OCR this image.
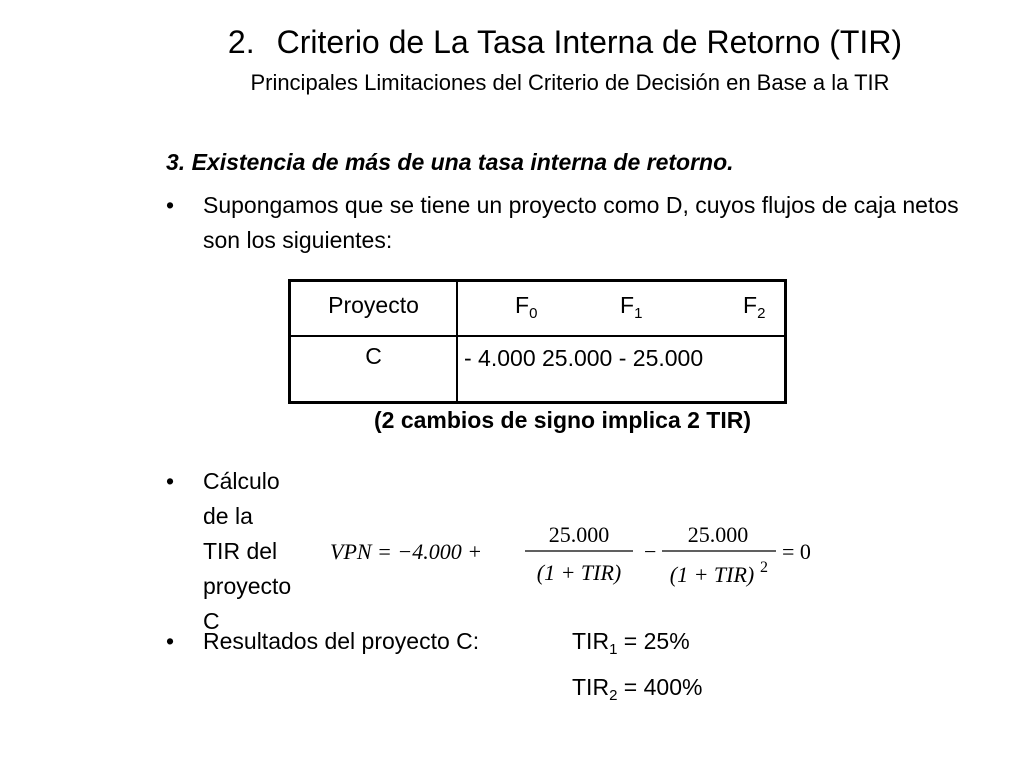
2. Criterio de La Tasa Interna de Retorno (TIR)
Principales Limitaciones del Criterio de Decisión en Base a la TIR
3. Existencia de más de una tasa interna de retorno.
• Supongamos que se tiene un proyecto como D, cuyos flujos de caja netos son los siguientes:
Proyecto	$F_0$ $F_1$ $F_2$

C	- 4.000 25.000 - 25.000
(2 cambios de signo implica 2 TIR)
• Cálculo de la TIR del proyecto C
VPN = −4.000 +
25.000
(1 + TIR)
−
25.000
(1 + TIR) 2
= 0
• Resultados del proyecto C:	$TIR_1 = 25\%$
$TIR_2 = 400\%$
